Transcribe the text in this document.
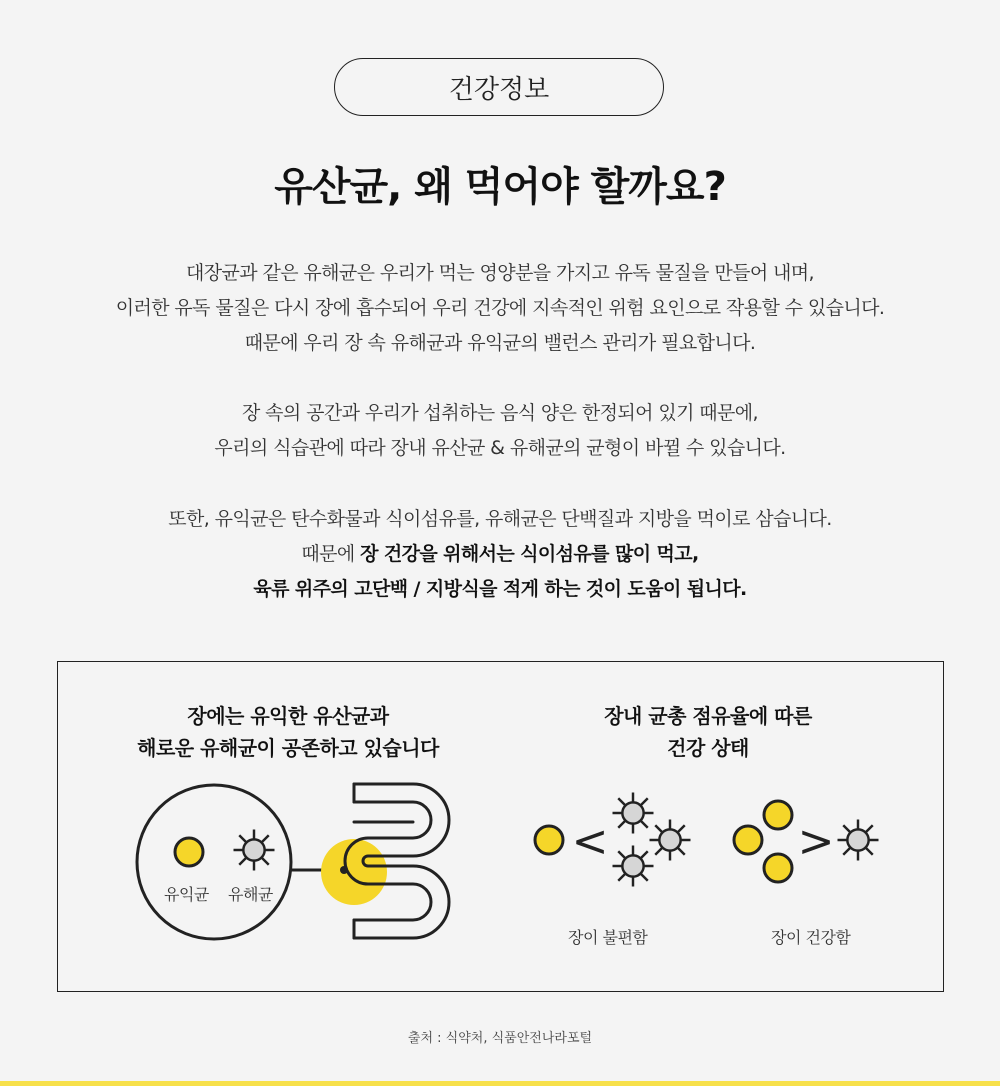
건강정보
유산균, 왜 먹어야 할까요?
대장균과 같은 유해균은 우리가 먹는 영양분을 가지고 유독 물질을 만들어 내며,
이러한 유독 물질은 다시 장에 흡수되어 우리 건강에 지속적인 위험 요인으로 작용할 수 있습니다.
때문에 우리 장 속 유해균과 유익균의 밸런스 관리가 필요합니다.
장 속의 공간과 우리가 섭취하는 음식 양은 한정되어 있기 때문에,
우리의 식습관에 따라 장내 유산균 & 유해균의 균형이 바뀔 수 있습니다.
또한, 유익균은 탄수화물과 식이섬유를, 유해균은 단백질과 지방을 먹이로 삼습니다.
때문에 장 건강을 위해서는 식이섬유를 많이 먹고,
육류 위주의 고단백 / 지방식을 적게 하는 것이 도움이 됩니다.
장에는 유익한 유산균과
해로운 유해균이 공존하고 있습니다
장내 균총 점유율에 따른
건강 상태
<	>
유익균 유해균
장이 불편함	장이 건강함
출처 : 식약처, 식품안전나라포털
